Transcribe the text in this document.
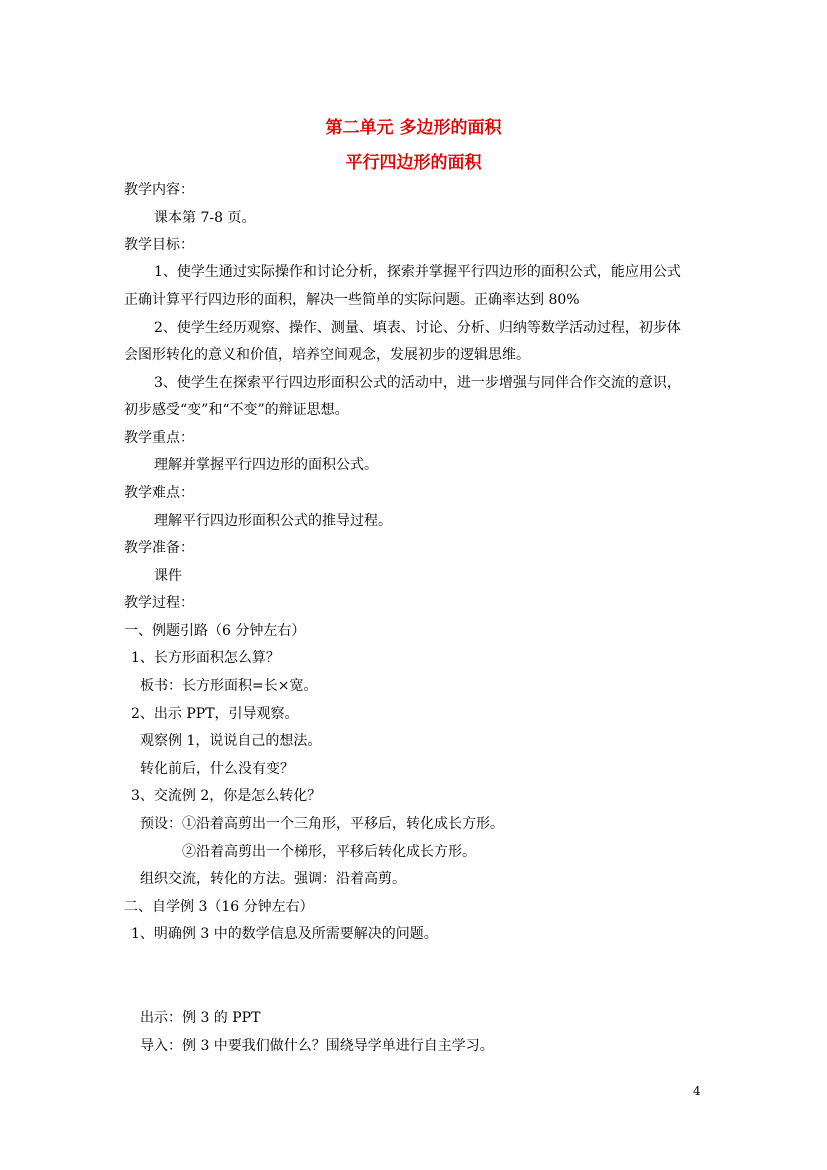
第二单元 多边形的面积
平行四边形的面积
教学内容：
课本第 7-8 页。
教学目标：
1、使学生通过实际操作和讨论分析，探索并掌握平行四边形的面积公式，能应用公式
正确计算平行四边形的面积，解决一些简单的实际问题。正确率达到 80%
2、使学生经历观察、操作、测量、填表、讨论、分析、归纳等数学活动过程，初步体
会图形转化的意义和价值，培养空间观念，发展初步的逻辑思维。
3、使学生在探索平行四边形面积公式的活动中，进一步增强与同伴合作交流的意识，
初步感受“变”和“不变”的辩证思想。
教学重点：
理解并掌握平行四边形的面积公式。
教学难点：
理解平行四边形面积公式的推导过程。
教学准备：
课件
教学过程：
一、例题引路（6 分钟左右）
1、长方形面积怎么算？
板书：长方形面积=长×宽。
2、出示 PPT，引导观察。
观察例 1，说说自己的想法。
转化前后，什么没有变？
3、交流例 2，你是怎么转化？
预设：①沿着高剪出一个三角形，平移后，转化成长方形。
②沿着高剪出一个梯形，平移后转化成长方形。
组织交流，转化的方法。强调：沿着高剪。
二、自学例 3（16 分钟左右）
1、明确例 3 中的数学信息及所需要解决的问题。
出示：例 3 的 PPT
导入：例 3 中要我们做什么？围绕导学单进行自主学习。
4
